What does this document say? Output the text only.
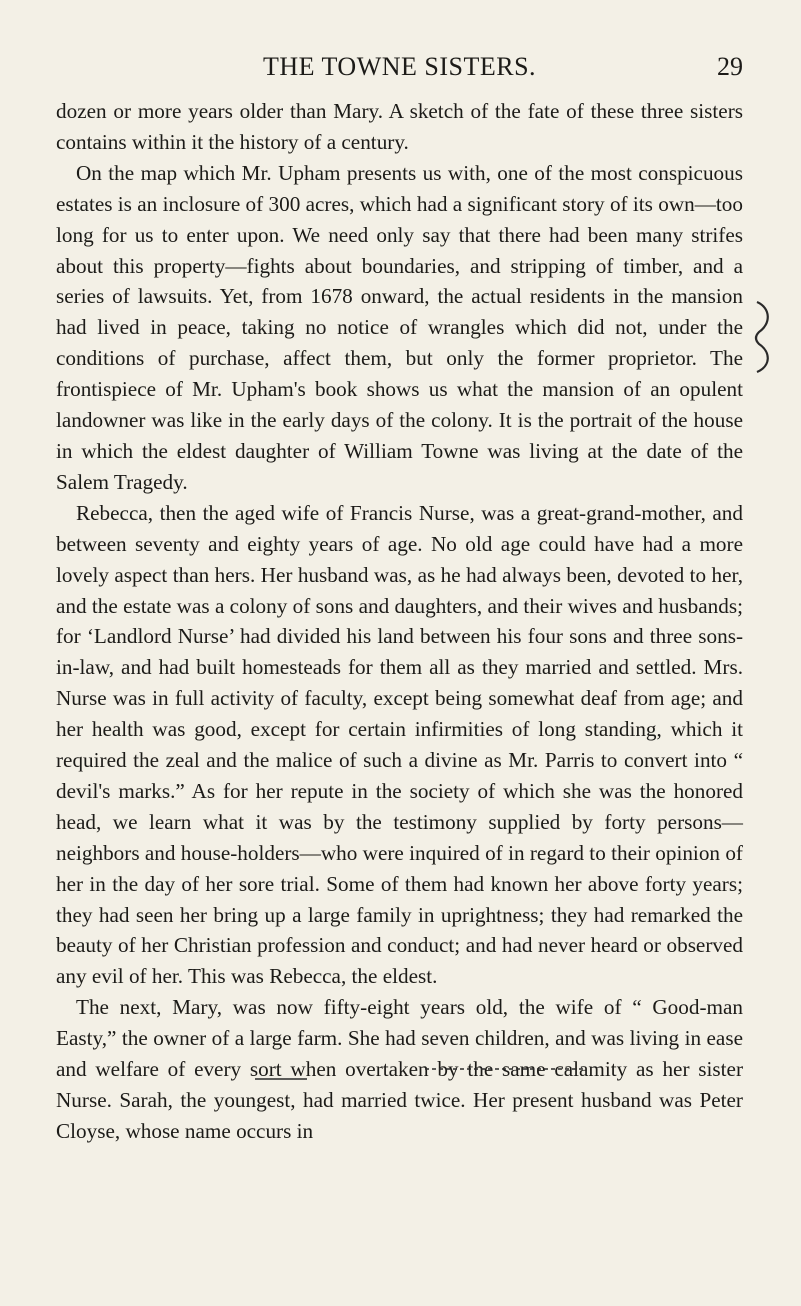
THE TOWNE SISTERS.	29

dozen or more years older than Mary. A sketch of the fate of these three sisters contains within it the history of a century.

On the map which Mr. Upham presents us with, one of the most conspicuous estates is an inclosure of 300 acres, which had a significant story of its own—too long for us to enter upon. We need only say that there had been many strifes about this property—fights about boundaries, and stripping of timber, and a series of lawsuits. Yet, from 1678 onward, the actual residents in the mansion had lived in peace, taking no notice of wrangles which did not, under the conditions of purchase, affect them, but only the former proprietor. The frontispiece of Mr. Upham's book shows us what the mansion of an opulent landowner was like in the early days of the colony. It is the portrait of the house in which the eldest daughter of William Towne was living at the date of the Salem Tragedy.

Rebecca, then the aged wife of Francis Nurse, was a great-grand-mother, and between seventy and eighty years of age. No old age could have had a more lovely aspect than hers. Her husband was, as he had always been, devoted to her, and the estate was a colony of sons and daughters, and their wives and husbands; for ‘Landlord Nurse’ had divided his land between his four sons and three sons-in-law, and had built homesteads for them all as they married and settled. Mrs. Nurse was in full activity of faculty, except being somewhat deaf from age; and her health was good, except for certain infirmities of long standing, which it required the zeal and the malice of such a divine as Mr. Parris to convert into “ devil's marks.” As for her repute in the society of which she was the honored head, we learn what it was by the testimony supplied by forty persons—neighbors and house-holders—who were inquired of in regard to their opinion of her in the day of her sore trial. Some of them had known her above forty years; they had seen her bring up a large family in uprightness; they had remarked the beauty of her Christian profession and conduct; and had never heard or observed any evil of her. This was Rebecca, the eldest.

The next, Mary, was now fifty-eight years old, the wife of “ Good-man Easty,” the owner of a large farm. She had seven children, and was living in ease and welfare of every sort when overtaken by the same calamity as her sister Nurse. Sarah, the youngest, had married twice. Her present husband was Peter Cloyse, whose name occurs in
